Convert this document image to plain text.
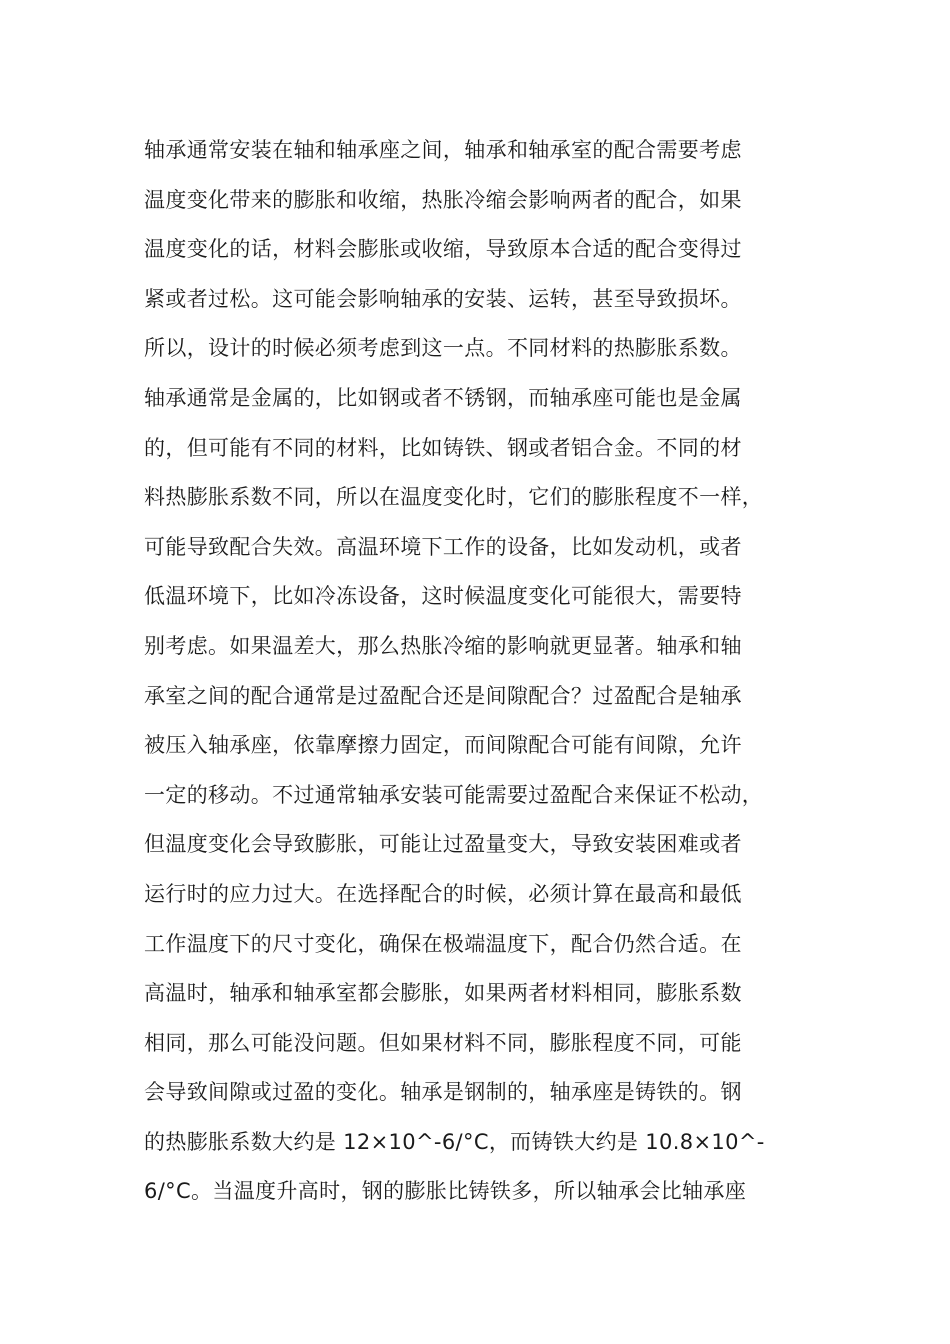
轴承通常安装在轴和轴承座之间，轴承和轴承室的配合需要考虑
温度变化带来的膨胀和收缩，热胀冷缩会影响两者的配合，如果
温度变化的话，材料会膨胀或收缩，导致原本合适的配合变得过
紧或者过松。这可能会影响轴承的安装、运转，甚至导致损坏。
所以，设计的时候必须考虑到这一点。不同材料的热膨胀系数。
轴承通常是金属的，比如钢或者不锈钢，而轴承座可能也是金属
的，但可能有不同的材料，比如铸铁、钢或者铝合金。不同的材
料热膨胀系数不同，所以在温度变化时，它们的膨胀程度不一样，
可能导致配合失效。高温环境下工作的设备，比如发动机，或者
低温环境下，比如冷冻设备，这时候温度变化可能很大，需要特
别考虑。如果温差大，那么热胀冷缩的影响就更显著。轴承和轴
承室之间的配合通常是过盈配合还是间隙配合？过盈配合是轴承
被压入轴承座，依靠摩擦力固定，而间隙配合可能有间隙，允许
一定的移动。不过通常轴承安装可能需要过盈配合来保证不松动，
但温度变化会导致膨胀，可能让过盈量变大，导致安装困难或者
运行时的应力过大。在选择配合的时候，必须计算在最高和最低
工作温度下的尺寸变化，确保在极端温度下，配合仍然合适。在
高温时，轴承和轴承室都会膨胀，如果两者材料相同，膨胀系数
相同，那么可能没问题。但如果材料不同，膨胀程度不同，可能
会导致间隙或过盈的变化。轴承是钢制的，轴承座是铸铁的。钢
的热膨胀系数大约是 12×10^-6/°C，而铸铁大约是 10.8×10^-
6/°C。当温度升高时，钢的膨胀比铸铁多，所以轴承会比轴承座
